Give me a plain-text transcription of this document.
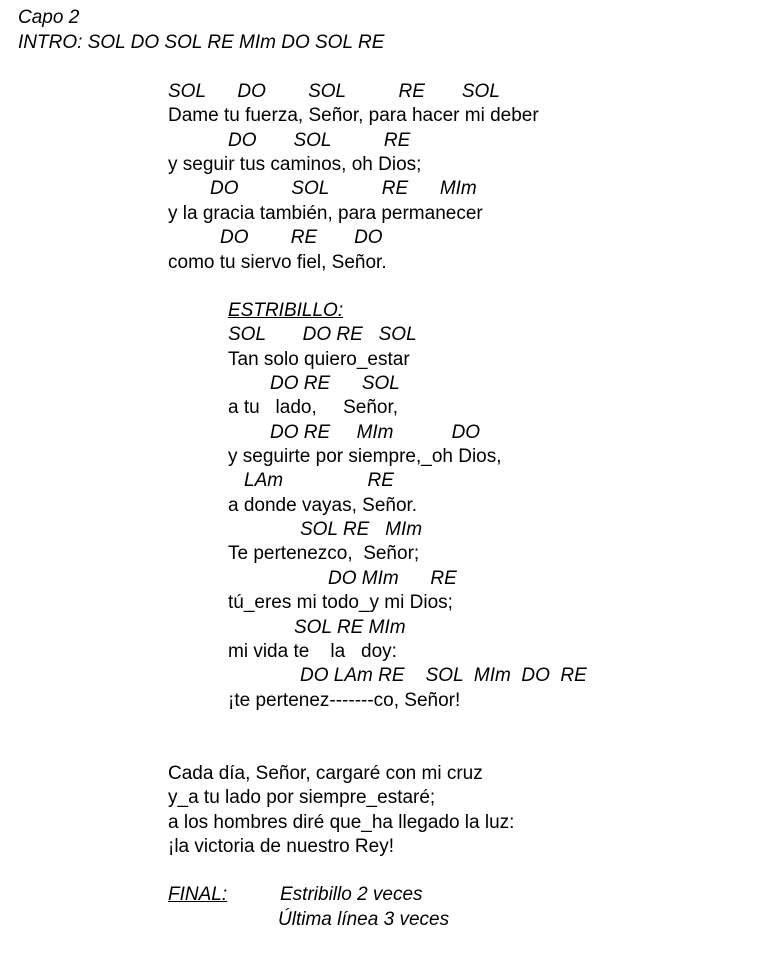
Capo 2
INTRO: SOL DO SOL RE MIm DO SOL RE
SOL      DO        SOL          RE       SOL
Dame tu fuerza, Señor, para hacer mi deber
DO       SOL          RE
y seguir tus caminos, oh Dios;
DO          SOL          RE      MIm
y la gracia también, para permanecer
DO        RE       DO
como tu siervo fiel, Señor.
ESTRIBILLO:
SOL       DO RE   SOL
Tan solo quiero_estar
DO RE      SOL
a tu   lado,     Señor,
DO RE     MIm           DO
y seguirte por siempre,_oh Dios,
LAm                RE
a donde vayas, Señor.
SOL RE   MIm
Te pertenezco,  Señor;
DO MIm      RE
tú_eres mi todo_y mi Dios;
SOL RE MIm
mi vida te    la   doy:
DO LAm RE    SOL  MIm  DO  RE
¡te pertenez-------co, Señor!
Cada día, Señor, cargaré con mi cruz
y_a tu lado por siempre_estaré;
a los hombres diré que_ha llegado la luz:
¡la victoria de nuestro Rey!
FINAL:	Estribillo 2 veces
Última línea 3 veces
